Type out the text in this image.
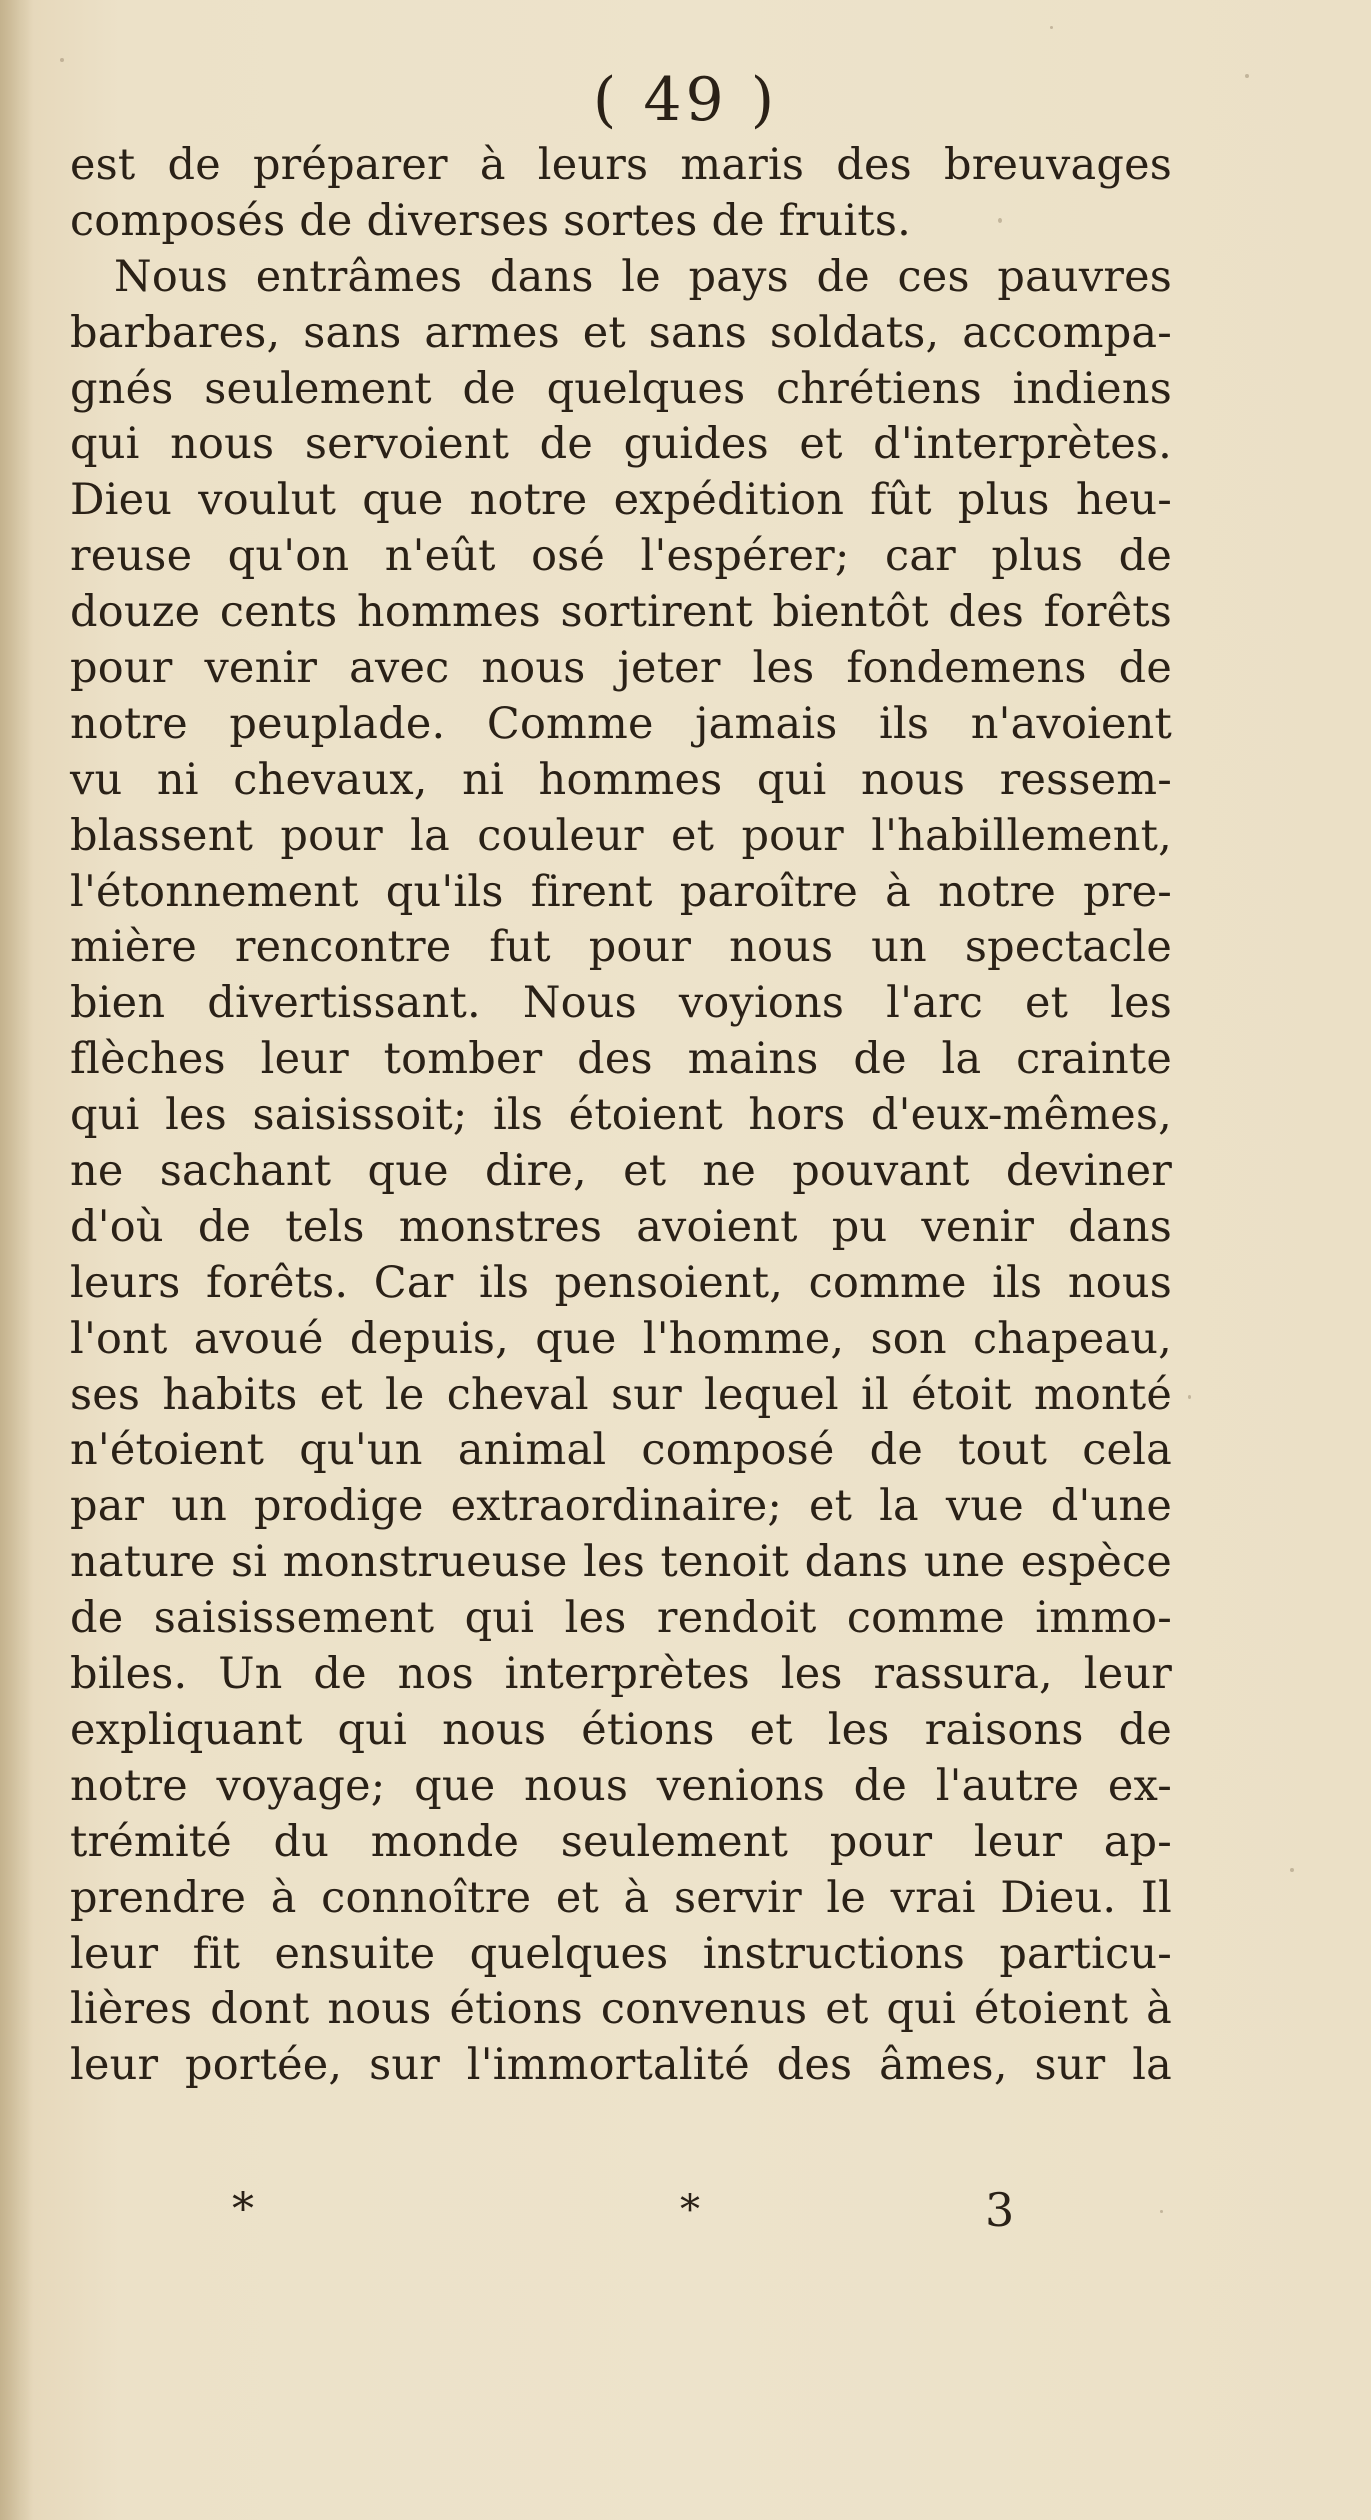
( 49 )
est de préparer à leurs maris des breuvages
composés de diverses sortes de fruits.
Nous entrâmes dans le pays de ces pauvres
barbares, sans armes et sans soldats, accompa-
gnés seulement de quelques chrétiens indiens
qui nous servoient de guides et d'interprètes.
Dieu voulut que notre expédition fût plus heu-
reuse qu'on n'eût osé l'espérer; car plus de
douze cents hommes sortirent bientôt des forêts
pour venir avec nous jeter les fondemens de
notre peuplade. Comme jamais ils n'avoient
vu ni chevaux, ni hommes qui nous ressem-
blassent pour la couleur et pour l'habillement,
l'étonnement qu'ils firent paroître à notre pre-
mière rencontre fut pour nous un spectacle
bien divertissant. Nous voyions l'arc et les
flèches leur tomber des mains de la crainte
qui les saisissoit; ils étoient hors d'eux-mêmes,
ne sachant que dire, et ne pouvant deviner
d'où de tels monstres avoient pu venir dans
leurs forêts. Car ils pensoient, comme ils nous
l'ont avoué depuis, que l'homme, son chapeau,
ses habits et le cheval sur lequel il étoit monté
n'étoient qu'un animal composé de tout cela
par un prodige extraordinaire; et la vue d'une
nature si monstrueuse les tenoit dans une espèce
de saisissement qui les rendoit comme immo-
biles. Un de nos interprètes les rassura, leur
expliquant qui nous étions et les raisons de
notre voyage; que nous venions de l'autre ex-
trémité du monde seulement pour leur ap-
prendre à connoître et à servir le vrai Dieu. Il
leur fit ensuite quelques instructions particu-
lières dont nous étions convenus et qui étoient à
leur portée, sur l'immortalité des âmes, sur la
*	*	3
